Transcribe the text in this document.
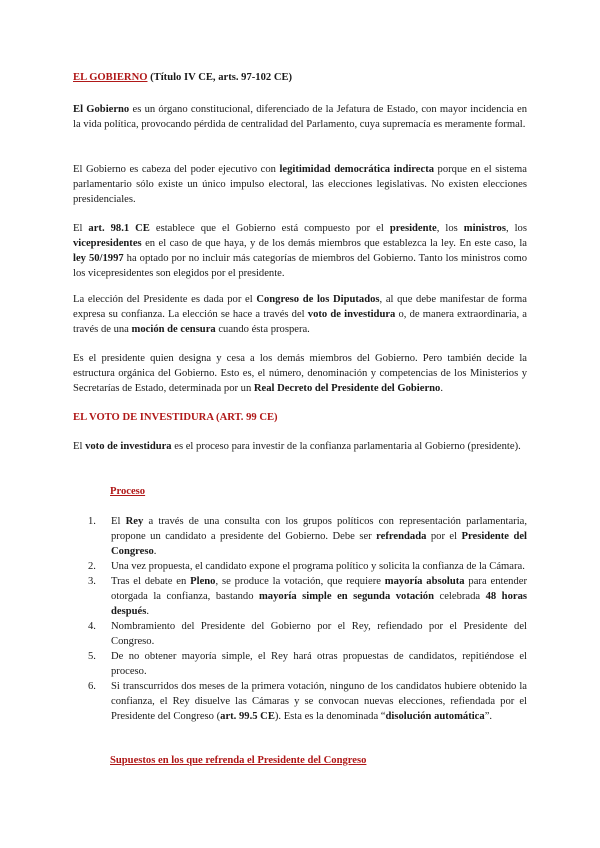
EL GOBIERNO (Título IV CE, arts. 97-102 CE)

El Gobierno es un órgano constitucional, diferenciado de la Jefatura de Estado, con mayor incidencia en la vida política, provocando pérdida de centralidad del Parlamento, cuya supremacía es meramente formal.

El Gobierno es cabeza del poder ejecutivo con legitimidad democrática indirecta porque en el sistema parlamentario sólo existe un único impulso electoral, las elecciones legislativas. No existen elecciones presidenciales.

El art. 98.1 CE establece que el Gobierno está compuesto por el presidente, los ministros, los vicepresidentes en el caso de que haya, y de los demás miembros que establezca la ley. En este caso, la ley 50/1997 ha optado por no incluir más categorías de miembros del Gobierno. Tanto los ministros como los vicepresidentes son elegidos por el presidente.

La elección del Presidente es dada por el Congreso de los Diputados, al que debe manifestar de forma expresa su confianza. La elección se hace a través del voto de investidura o, de manera extraordinaria, a través de una moción de censura cuando ésta prospera.

Es el presidente quien designa y cesa a los demás miembros del Gobierno. Pero también decide la estructura orgánica del Gobierno. Esto es, el número, denominación y competencias de los Ministerios y Secretarías de Estado, determinada por un Real Decreto del Presidente del Gobierno.

EL VOTO DE INVESTIDURA (ART. 99 CE)

El voto de investidura es el proceso para investir de la confianza parlamentaria al Gobierno (presidente).

Proceso

1. El Rey a través de una consulta con los grupos políticos con representación parlamentaria, propone un candidato a presidente del Gobierno. Debe ser refrendada por el Presidente del Congreso.
2. Una vez propuesta, el candidato expone el programa político y solicita la confianza de la Cámara.
3. Tras el debate en Pleno, se produce la votación, que requiere mayoría absoluta para entender otorgada la confianza, bastando mayoría simple en segunda votación celebrada 48 horas después.
4. Nombramiento del Presidente del Gobierno por el Rey, refiendado por el Presidente del Congreso.
5. De no obtener mayoría simple, el Rey hará otras propuestas de candidatos, repitiéndose el proceso.
6. Si transcurridos dos meses de la primera votación, ninguno de los candidatos hubiere obtenido la confianza, el Rey disuelve las Cámaras y se convocan nuevas elecciones, refiendada por el Presidente del Congreso (art. 99.5 CE). Esta es la denominada “disolución automática”.

Supuestos en los que refrenda el Presidente del Congreso
